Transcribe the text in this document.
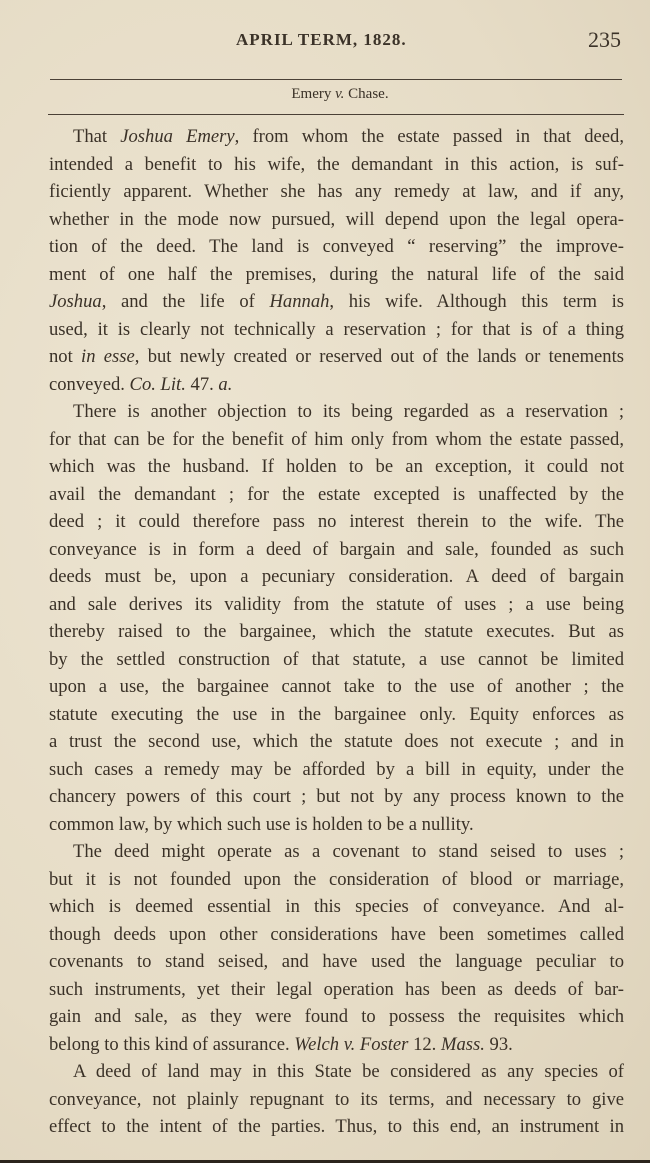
APRIL TERM, 1828.	235
Emery v. Chase.
That Joshua Emery, from whom the estate passed in that deed,
intended a benefit to his wife, the demandant in this action, is suf-
ficiently apparent. Whether she has any remedy at law, and if any,
whether in the mode now pursued, will depend upon the legal opera-
tion of the deed. The land is conveyed “ reserving” the improve-
ment of one half the premises, during the natural life of the said
Joshua, and the life of Hannah, his wife. Although this term is
used, it is clearly not technically a reservation ; for that is of a thing
not in esse, but newly created or reserved out of the lands or tenements
conveyed. Co. Lit. 47. a.
There is another objection to its being regarded as a reservation ;
for that can be for the benefit of him only from whom the estate passed,
which was the husband. If holden to be an exception, it could not
avail the demandant ; for the estate excepted is unaffected by the
deed ; it could therefore pass no interest therein to the wife. The
conveyance is in form a deed of bargain and sale, founded as such
deeds must be, upon a pecuniary consideration. A deed of bargain
and sale derives its validity from the statute of uses ; a use being
thereby raised to the bargainee, which the statute executes. But as
by the settled construction of that statute, a use cannot be limited
upon a use, the bargainee cannot take to the use of another ; the
statute executing the use in the bargainee only. Equity enforces as
a trust the second use, which the statute does not execute ; and in
such cases a remedy may be afforded by a bill in equity, under the
chancery powers of this court ; but not by any process known to the
common law, by which such use is holden to be a nullity.
The deed might operate as a covenant to stand seised to uses ;
but it is not founded upon the consideration of blood or marriage,
which is deemed essential in this species of conveyance. And al-
though deeds upon other considerations have been sometimes called
covenants to stand seised, and have used the language peculiar to
such instruments, yet their legal operation has been as deeds of bar-
gain and sale, as they were found to possess the requisites which
belong to this kind of assurance. Welch v. Foster 12. Mass. 93.
A deed of land may in this State be considered as any species of
conveyance, not plainly repugnant to its terms, and necessary to give
effect to the intent of the parties. Thus, to this end, an instrument in
